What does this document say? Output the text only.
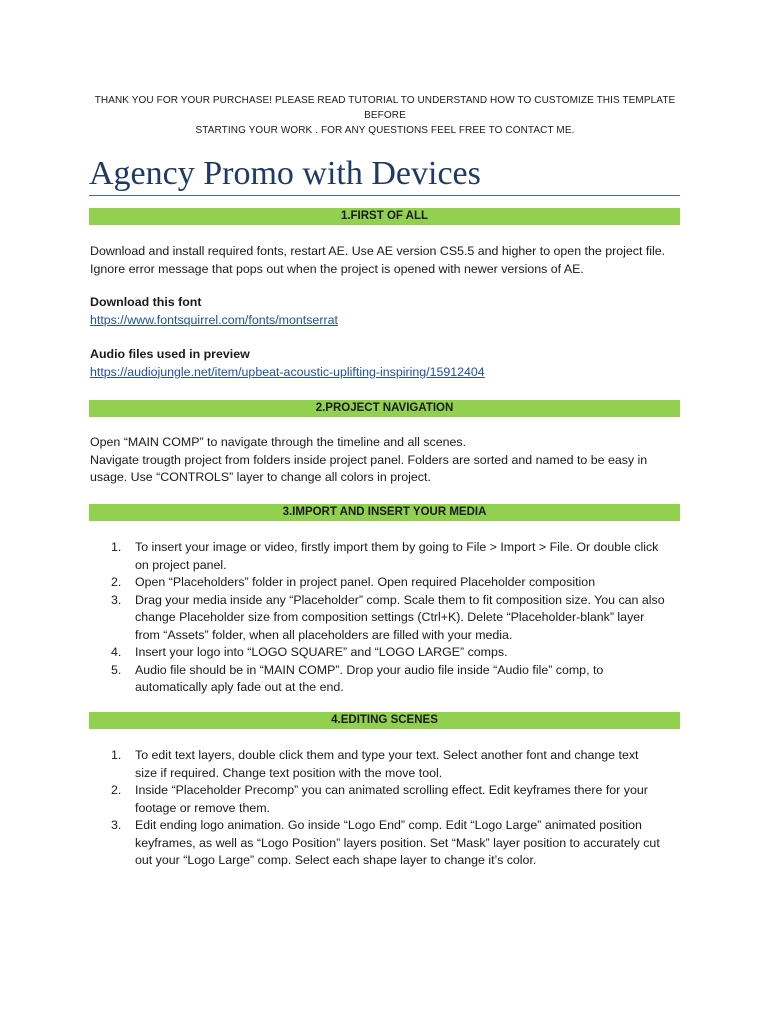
THANK YOU FOR YOUR PURCHASE! PLEASE READ TUTORIAL TO UNDERSTAND HOW TO CUSTOMIZE THIS TEMPLATE BEFORE
STARTING YOUR WORK . FOR ANY QUESTIONS FEEL FREE TO CONTACT ME.
Agency Promo with Devices
1.FIRST OF ALL
Download and install required fonts, restart AE. Use AE version CS5.5 and higher to open the project file.
Ignore error message that pops out when the project is opened with newer versions of AE.
Download this font
https://www.fontsquirrel.com/fonts/montserrat
Audio files used in preview
https://audiojungle.net/item/upbeat-acoustic-uplifting-inspiring/15912404
2.PROJECT NAVIGATION
Open “MAIN COMP” to navigate through the timeline and all scenes.
Navigate trougth project from folders inside project panel. Folders are sorted and named to be easy in
usage. Use “CONTROLS” layer to change all colors in project.
3.IMPORT AND INSERT YOUR MEDIA
1. To insert your image or video, firstly import them by going to File > Import > File. Or double click
on project panel.
2. Open “Placeholders” folder in project panel. Open required Placeholder composition
3. Drag your media inside any “Placeholder” comp. Scale them to fit composition size. You can also
change Placeholder size from composition settings (Ctrl+K). Delete “Placeholder-blank” layer
from “Assets” folder, when all placeholders are filled with your media.
4. Insert your logo into “LOGO SQUARE” and “LOGO LARGE” comps.
5. Audio file should be in “MAIN COMP”. Drop your audio file inside “Audio file” comp, to
automatically aply fade out at the end.
4.EDITING SCENES
1. To edit text layers, double click them and type your text. Select another font and change text
size if required. Change text position with the move tool.
2. Inside “Placeholder Precomp” you can animated scrolling effect. Edit keyframes there for your
footage or remove them.
3. Edit ending logo animation. Go inside “Logo End” comp. Edit “Logo Large” animated position
keyframes, as well as “Logo Position” layers position. Set “Mask” layer position to accurately cut
out your “Logo Large” comp. Select each shape layer to change it’s color.
